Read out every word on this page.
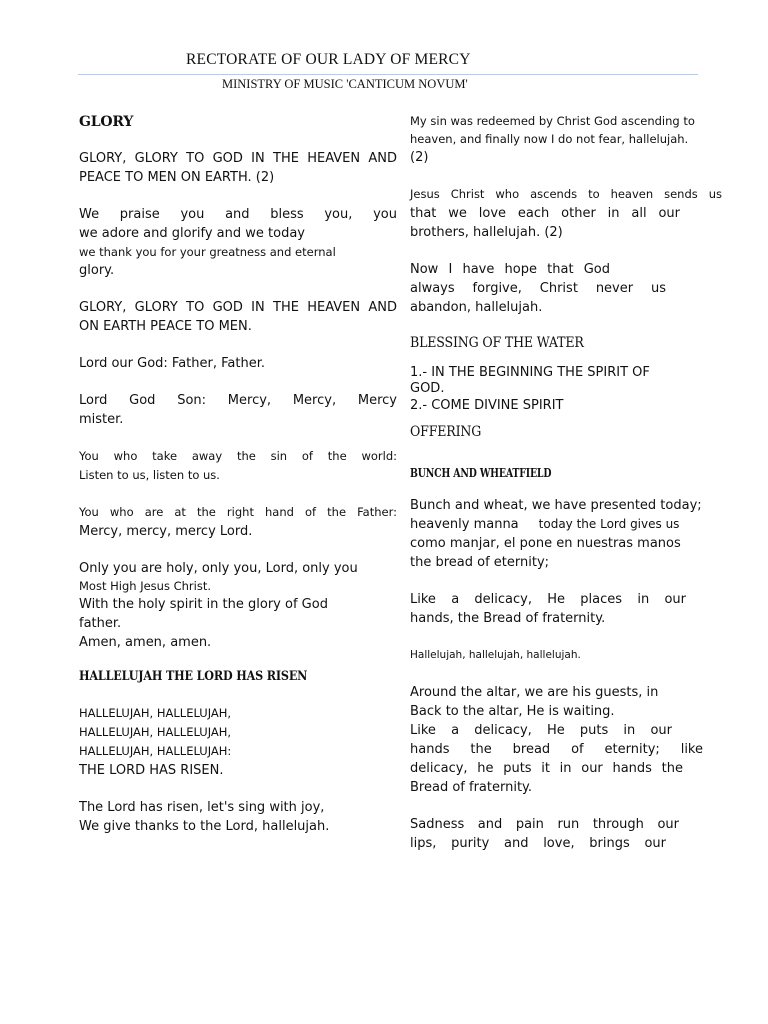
RECTORATE OF OUR LADY OF MERCY
MINISTRY OF MUSIC 'CANTICUM NOVUM'
GLORY
GLORY, GLORY TO GOD IN THE HEAVEN AND
PEACE TO MEN ON EARTH. (2)
We praise you and bless you, you
we adore and glorify and we today
we thank you for your greatness and eternal
glory.
GLORY, GLORY TO GOD IN THE HEAVEN AND
ON EARTH PEACE TO MEN.
Lord our God: Father, Father.
Lord God Son: Mercy, Mercy, Mercy
mister.
You who take away the sin of the world:
Listen to us, listen to us.
You who are at the right hand of the Father:
Mercy, mercy, mercy Lord.
Only you are holy, only you, Lord, only you
Most High Jesus Christ.
With the holy spirit in the glory of God
father.
Amen, amen, amen.
HALLELUJAH THE LORD HAS RISEN
HALLELUJAH, HALLELUJAH,
HALLELUJAH, HALLELUJAH,
HALLELUJAH, HALLELUJAH:
THE LORD HAS RISEN.
The Lord has risen, let's sing with joy,
We give thanks to the Lord, hallelujah.
My sin was redeemed by Christ God ascending to
heaven, and finally now I do not fear, hallelujah.
(2)
Jesus Christ who ascends to heaven sends us
that we love each other in all our
brothers, hallelujah. (2)
Now I have hope that God
always forgive, Christ never us
abandon, hallelujah.
BLESSING OF THE WATER
1.- IN THE BEGINNING THE SPIRIT OF
GOD.
2.- COME DIVINE SPIRIT
OFFERING
BUNCH AND WHEATFIELD
Bunch and wheat, we have presented today;
heavenly manna today the Lord gives us
como manjar, el pone en nuestras manos
the bread of eternity;
Like a delicacy, He places in our
hands, the Bread of fraternity.
Hallelujah, hallelujah, hallelujah.
Around the altar, we are his guests, in
Back to the altar, He is waiting.
Like a delicacy, He puts in our
hands the bread of eternity; like
delicacy, he puts it in our hands the
Bread of fraternity.
Sadness and pain run through our
lips, purity and love, brings our
